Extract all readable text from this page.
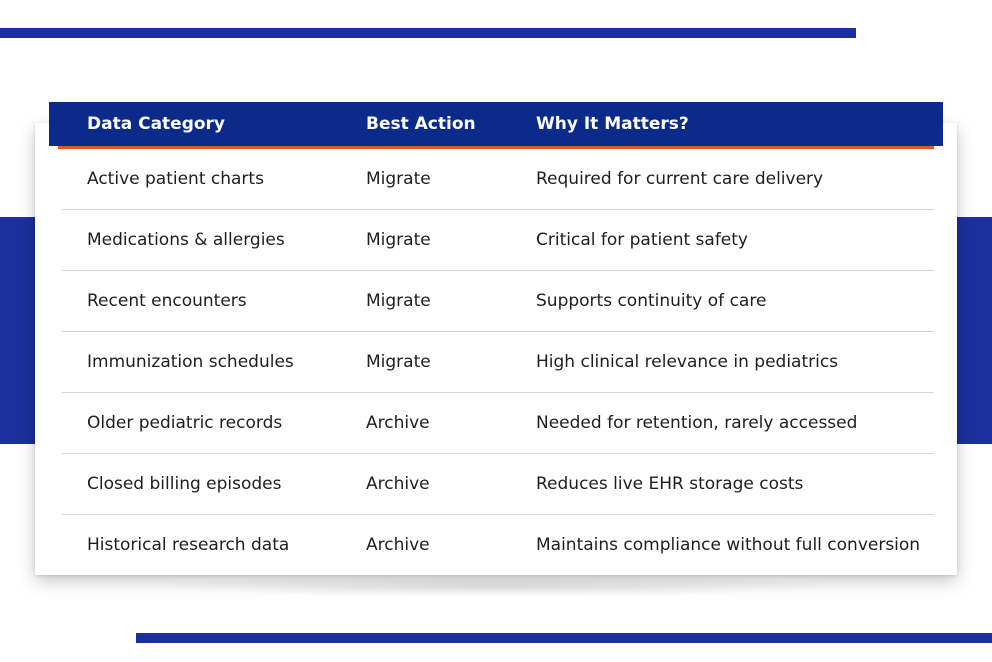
Data Category	Best Action	Why It Matters?
Active patient charts	Migrate	Required for current care delivery
Medications & allergies	Migrate	Critical for patient safety
Recent encounters	Migrate	Supports continuity of care
Immunization schedules	Migrate	High clinical relevance in pediatrics
Older pediatric records	Archive	Needed for retention, rarely accessed
Closed billing episodes	Archive	Reduces live EHR storage costs
Historical research data	Archive	Maintains compliance without full conversion
